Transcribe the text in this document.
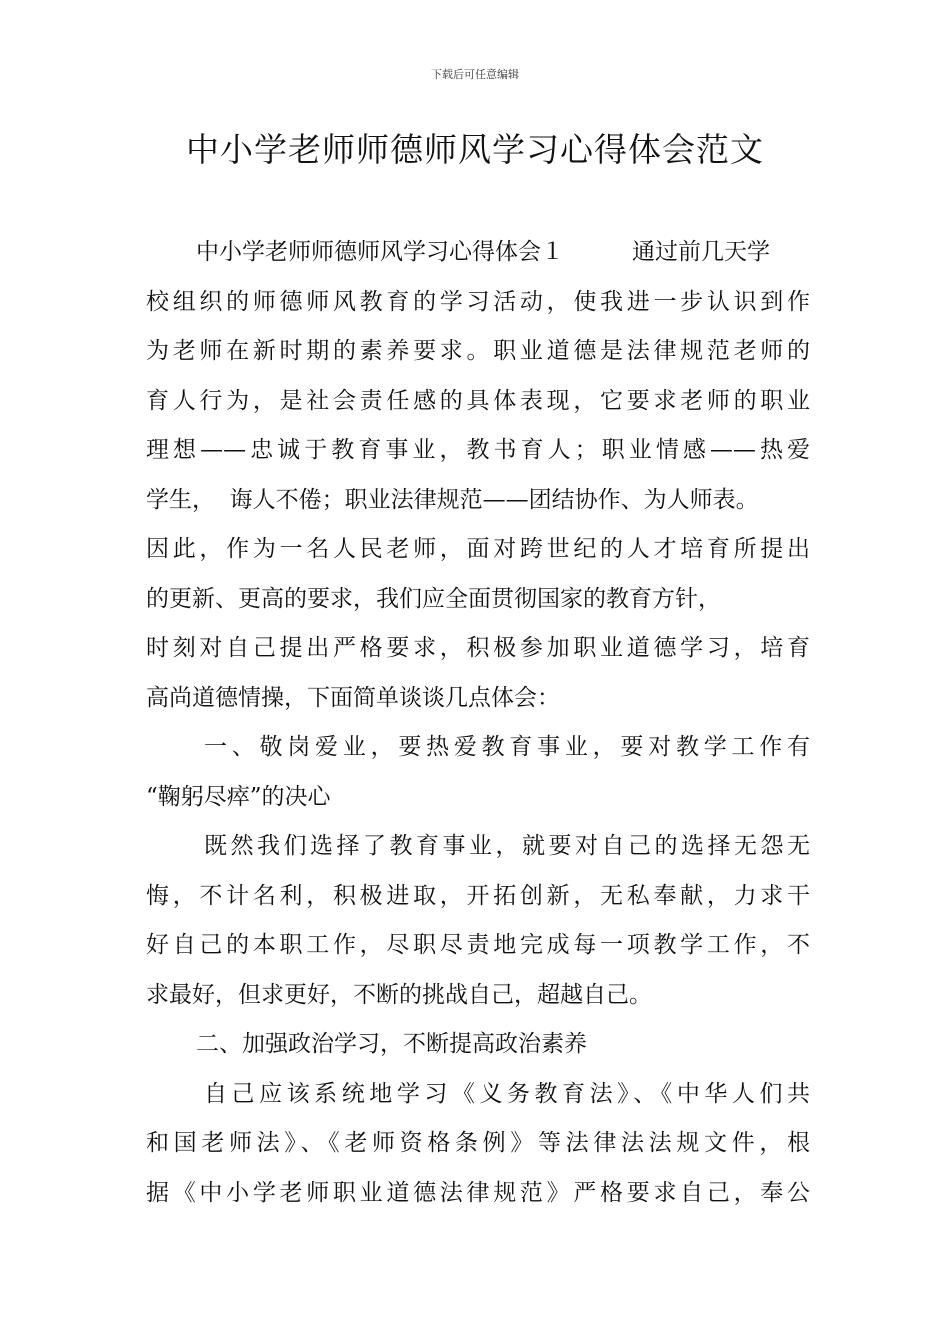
下载后可任意编辑
中小学老师师德师风学习心得体会范文
中小学老师师德师风学习心得体会１	通过前几天学
校组织的师德师风教育的学习活动，使我进一步认识到作
为老师在新时期的素养要求。职业道德是法律规范老师的
育人行为，是社会责任感的具体表现，它要求老师的职业
理想——忠诚于教育事业，教书育人；职业情感——热爱
学生，  诲人不倦；职业法律规范——团结协作、为人师表。
因此，作为一名人民老师，面对跨世纪的人才培育所提出
的更新、更高的要求，我们应全面贯彻国家的教育方针，
时刻对自己提出严格要求，积极参加职业道德学习，培育
高尚道德情操，下面简单谈谈几点体会：
一、敬岗爱业，要热爱教育事业，要对教学工作有
“鞠躬尽瘁”的决心
既然我们选择了教育事业，就要对自己的选择无怨无
悔，不计名利，积极进取，开拓创新，无私奉献，力求干
好自己的本职工作，尽职尽责地完成每一项教学工作，不
求最好，但求更好，不断的挑战自己，超越自己。
二、加强政治学习，不断提高政治素养
自己应该系统地学习《义务教育法》、《中华人们共
和国老师法》、《老师资格条例》等法律法法规文件，根
据《中小学老师职业道德法律规范》严格要求自己，奉公
